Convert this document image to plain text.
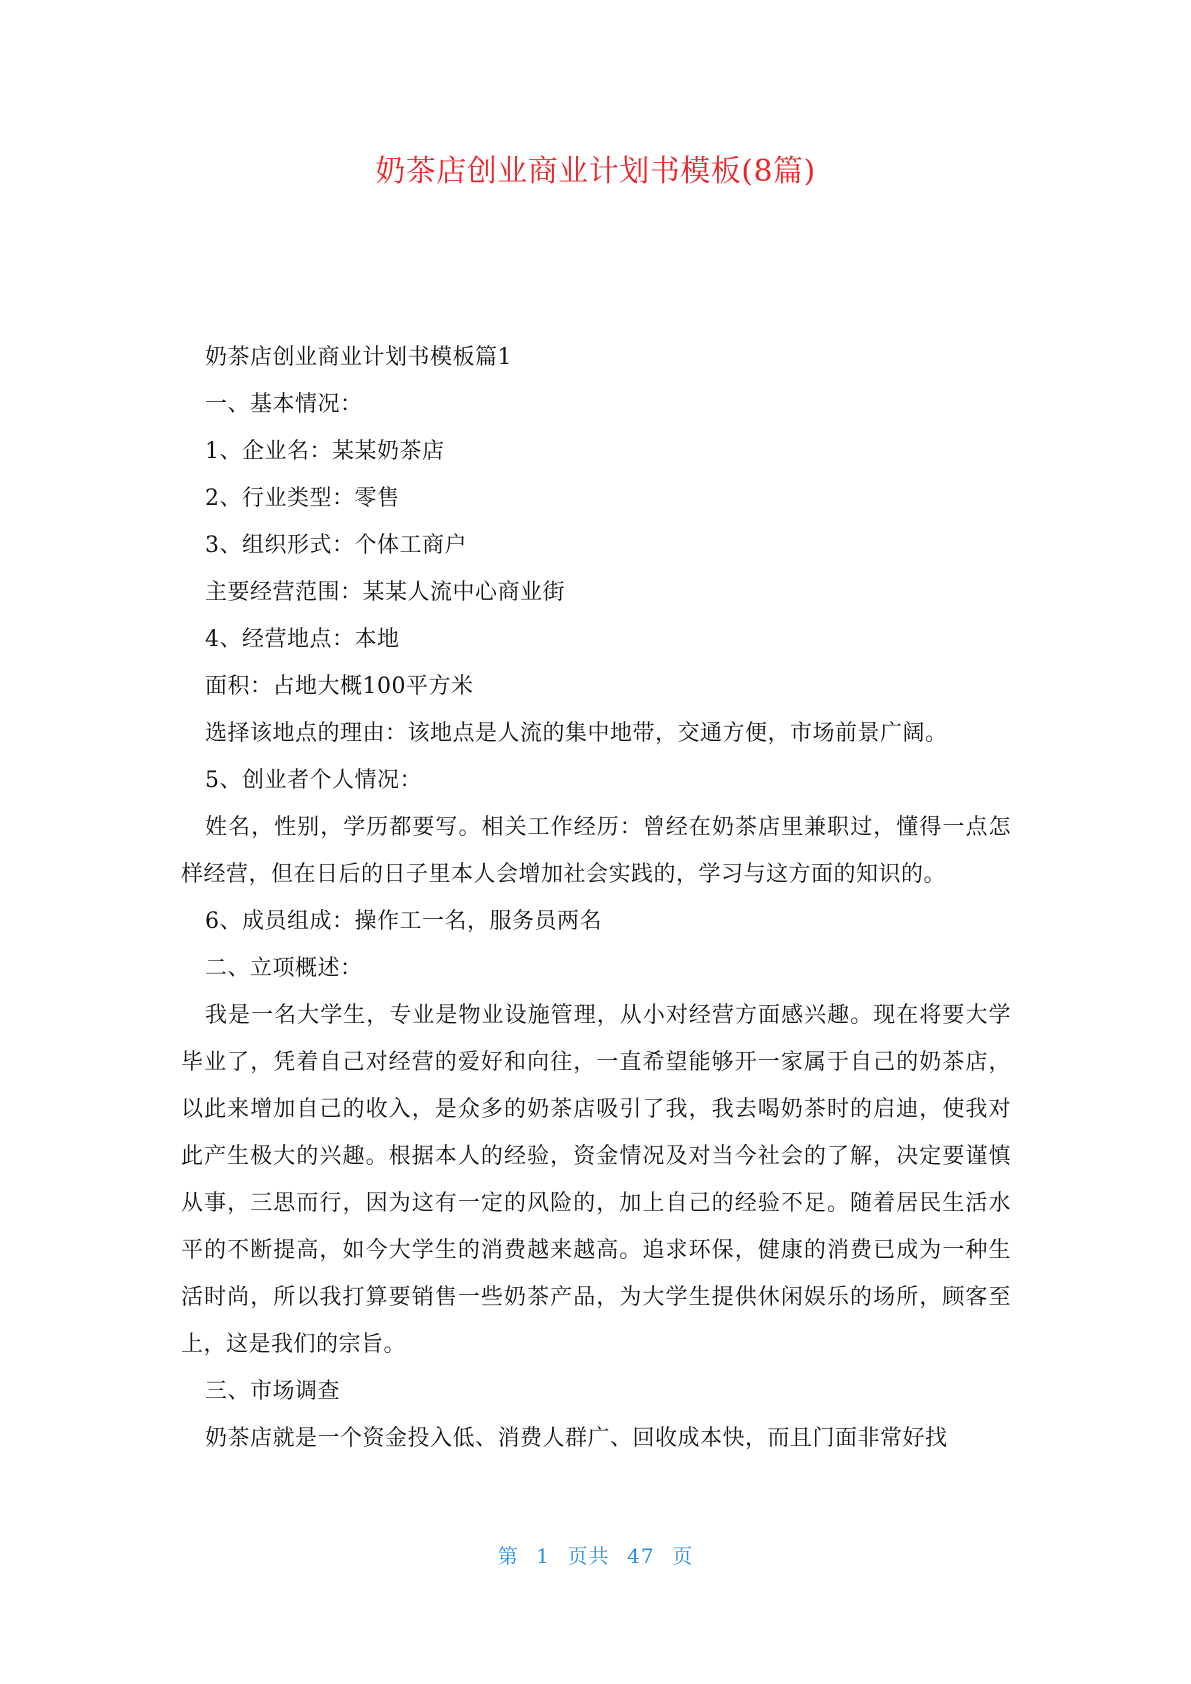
奶茶店创业商业计划书模板(8篇)

奶茶店创业商业计划书模板篇1

一、基本情况：

1、企业名：某某奶茶店

2、行业类型：零售

3、组织形式：个体工商户

主要经营范围：某某人流中心商业街

4、经营地点：本地

面积：占地大概100平方米

选择该地点的理由：该地点是人流的集中地带，交通方便，市场前景广阔。

5、创业者个人情况：

姓名，性别，学历都要写。相关工作经历：曾经在奶茶店里兼职过，懂得一点怎样经营，但在日后的日子里本人会增加社会实践的，学习与这方面的知识的。

6、成员组成：操作工一名，服务员两名

二、立项概述：

我是一名大学生，专业是物业设施管理，从小对经营方面感兴趣。现在将要大学毕业了，凭着自己对经营的爱好和向往，一直希望能够开一家属于自己的奶茶店，以此来增加自己的收入，是众多的奶茶店吸引了我，我去喝奶茶时的启迪，使我对此产生极大的兴趣。根据本人的经验，资金情况及对当今社会的了解，决定要谨慎从事，三思而行，因为这有一定的风险的，加上自己的经验不足。随着居民生活水平的不断提高，如今大学生的消费越来越高。追求环保，健康的消费已成为一种生活时尚，所以我打算要销售一些奶茶产品，为大学生提供休闲娱乐的场所，顾客至上，这是我们的宗旨。

三、市场调查

奶茶店就是一个资金投入低、消费人群广、回收成本快，而且门面非常好找

第 1 页共 47 页
